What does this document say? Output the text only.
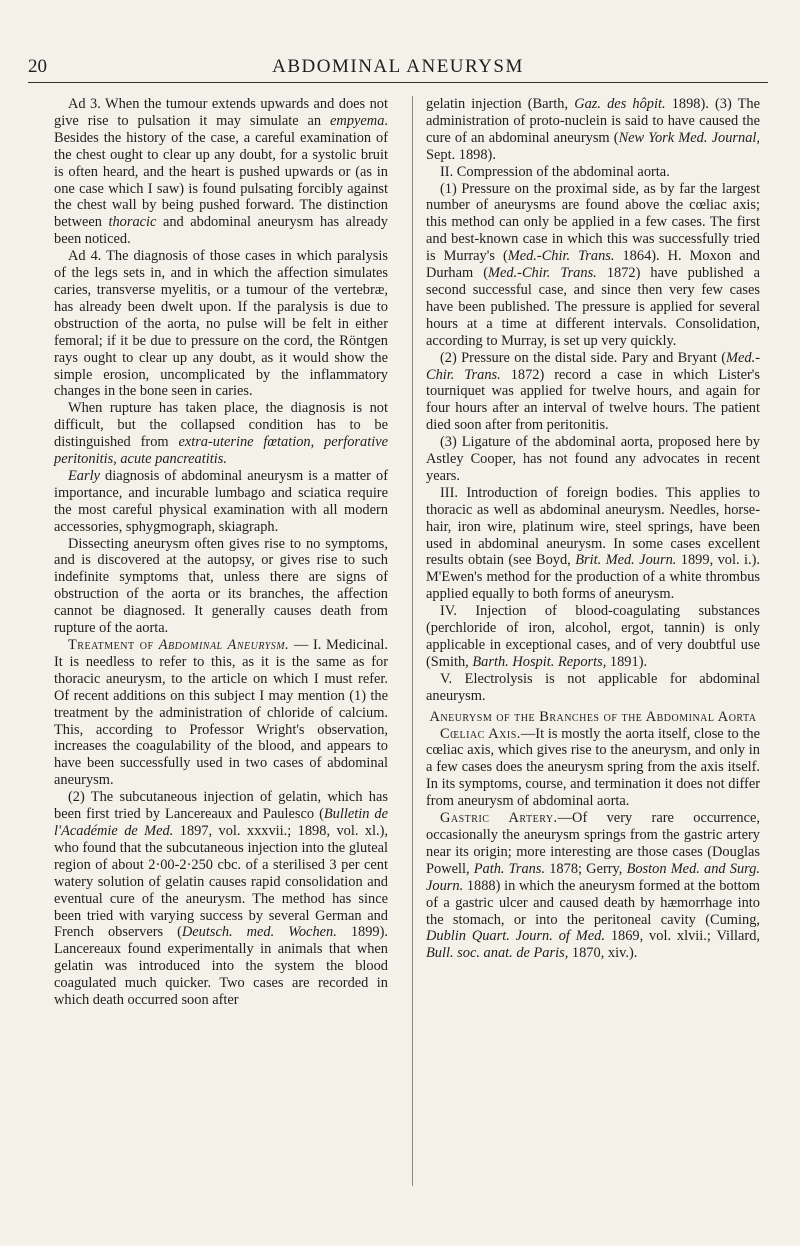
20	ABDOMINAL ANEURYSM

Ad 3. When the tumour extends upwards and does not give rise to pulsation it may simulate an empyema. Besides the history of the case, a careful examination of the chest ought to clear up any doubt, for a systolic bruit is often heard, and the heart is pushed upwards or (as in one case which I saw) is found pulsating forcibly against the chest wall by being pushed forward. The distinction between thoracic and abdominal aneurysm has already been noticed.

Ad 4. The diagnosis of those cases in which paralysis of the legs sets in, and in which the affection simulates caries, transverse myelitis, or a tumour of the vertebræ, has already been dwelt upon. If the paralysis is due to obstruction of the aorta, no pulse will be felt in either femoral; if it be due to pressure on the cord, the Röntgen rays ought to clear up any doubt, as it would show the simple erosion, uncomplicated by the inflammatory changes in the bone seen in caries.

When rupture has taken place, the diagnosis is not difficult, but the collapsed condition has to be distinguished from extra-uterine fœtation, perforative peritonitis, acute pancreatitis.

Early diagnosis of abdominal aneurysm is a matter of importance, and incurable lumbago and sciatica require the most careful physical examination with all modern accessories, sphygmograph, skiagraph.

Dissecting aneurysm often gives rise to no symptoms, and is discovered at the autopsy, or gives rise to such indefinite symptoms that, unless there are signs of obstruction of the aorta or its branches, the affection cannot be diagnosed. It generally causes death from rupture of the aorta.

Treatment of Abdominal Aneurysm. — I. Medicinal. It is needless to refer to this, as it is the same as for thoracic aneurysm, to the article on which I must refer. Of recent additions on this subject I may mention (1) the treatment by the administration of chloride of calcium. This, according to Professor Wright's observation, increases the coagulability of the blood, and appears to have been successfully used in two cases of abdominal aneurysm.

(2) The subcutaneous injection of gelatin, which has been first tried by Lancereaux and Paulesco (Bulletin de l'Académie de Med. 1897, vol. xxxvii.; 1898, vol. xl.), who found that the subcutaneous injection into the gluteal region of about 2·00-2·250 cbc. of a sterilised 3 per cent watery solution of gelatin causes rapid consolidation and eventual cure of the aneurysm. The method has since been tried with varying success by several German and French observers (Deutsch. med. Wochen. 1899). Lancereaux found experimentally in animals that when gelatin was introduced into the system the blood coagulated much quicker. Two cases are recorded in which death occurred soon after

gelatin injection (Barth, Gaz. des hôpit. 1898). (3) The administration of proto-nuclein is said to have caused the cure of an abdominal aneurysm (New York Med. Journal, Sept. 1898).

II. Compression of the abdominal aorta.

(1) Pressure on the proximal side, as by far the largest number of aneurysms are found above the cœliac axis; this method can only be applied in a few cases. The first and best-known case in which this was successfully tried is Murray's (Med.-Chir. Trans. 1864). H. Moxon and Durham (Med.-Chir. Trans. 1872) have published a second successful case, and since then very few cases have been published. The pressure is applied for several hours at a time at different intervals. Consolidation, according to Murray, is set up very quickly.

(2) Pressure on the distal side. Pary and Bryant (Med.-Chir. Trans. 1872) record a case in which Lister's tourniquet was applied for twelve hours, and again for four hours after an interval of twelve hours. The patient died soon after from peritonitis.

(3) Ligature of the abdominal aorta, proposed here by Astley Cooper, has not found any advocates in recent years.

III. Introduction of foreign bodies. This applies to thoracic as well as abdominal aneurysm. Needles, horse-hair, iron wire, platinum wire, steel springs, have been used in abdominal aneurysm. In some cases excellent results obtain (see Boyd, Brit. Med. Journ. 1899, vol. i.). M'Ewen's method for the production of a white thrombus applied equally to both forms of aneurysm.

IV. Injection of blood-coagulating substances (perchloride of iron, alcohol, ergot, tannin) is only applicable in exceptional cases, and of very doubtful use (Smith, Barth. Hospit. Reports, 1891).

V. Electrolysis is not applicable for abdominal aneurysm.

Aneurysm of the Branches of the Abdominal Aorta

Cœliac Axis.—It is mostly the aorta itself, close to the cœliac axis, which gives rise to the aneurysm, and only in a few cases does the aneurysm spring from the axis itself. In its symptoms, course, and termination it does not differ from aneurysm of abdominal aorta.

Gastric Artery.—Of very rare occurrence, occasionally the aneurysm springs from the gastric artery near its origin; more interesting are those cases (Douglas Powell, Path. Trans. 1878; Gerry, Boston Med. and Surg. Journ. 1888) in which the aneurysm formed at the bottom of a gastric ulcer and caused death by hæmorrhage into the stomach, or into the peritoneal cavity (Cuming, Dublin Quart. Journ. of Med. 1869, vol. xlvii.; Villard, Bull. soc. anat. de Paris, 1870, xiv.).
